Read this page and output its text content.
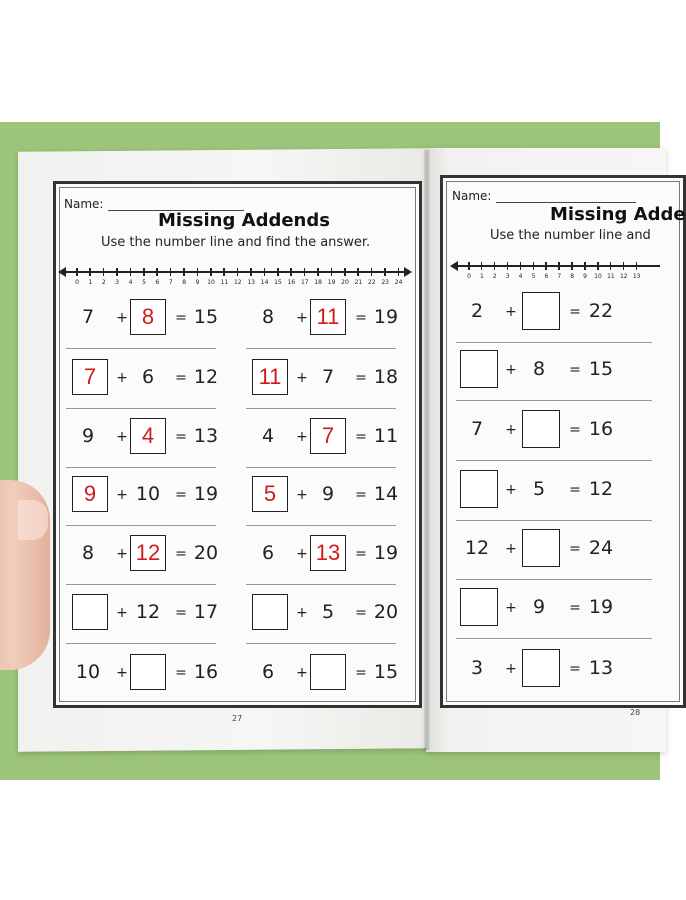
Name:
Missing Addends
Use the number line and find the answer.
0	1	2	3	4	5	6	7	8	9	10 11 12 13 14 15 16 17 18 19 20 21 22 23 24
7	+ 8	= 15	8	+ 11	= 19
7	+ 6	= 12 11	+ 7	= 18
9	+ 4	= 13	4	+ 7	= 11
9	+ 10 = 19	5	+ 9	= 14
8	+ 12	= 20	6	+ 13	= 19
+ 12 = 17	+ 5	= 20
10 +	= 16	6	+	= 15
27
Name:
Missing Adde
Use the number line and
0	1	2	3	4	5	6	7	8	9	10 11 12 13
2	+	= 22
+ 8	= 15
7	+	= 16
+ 5	= 12
12 +	= 24
+ 9	= 19
3	+	= 13
28
